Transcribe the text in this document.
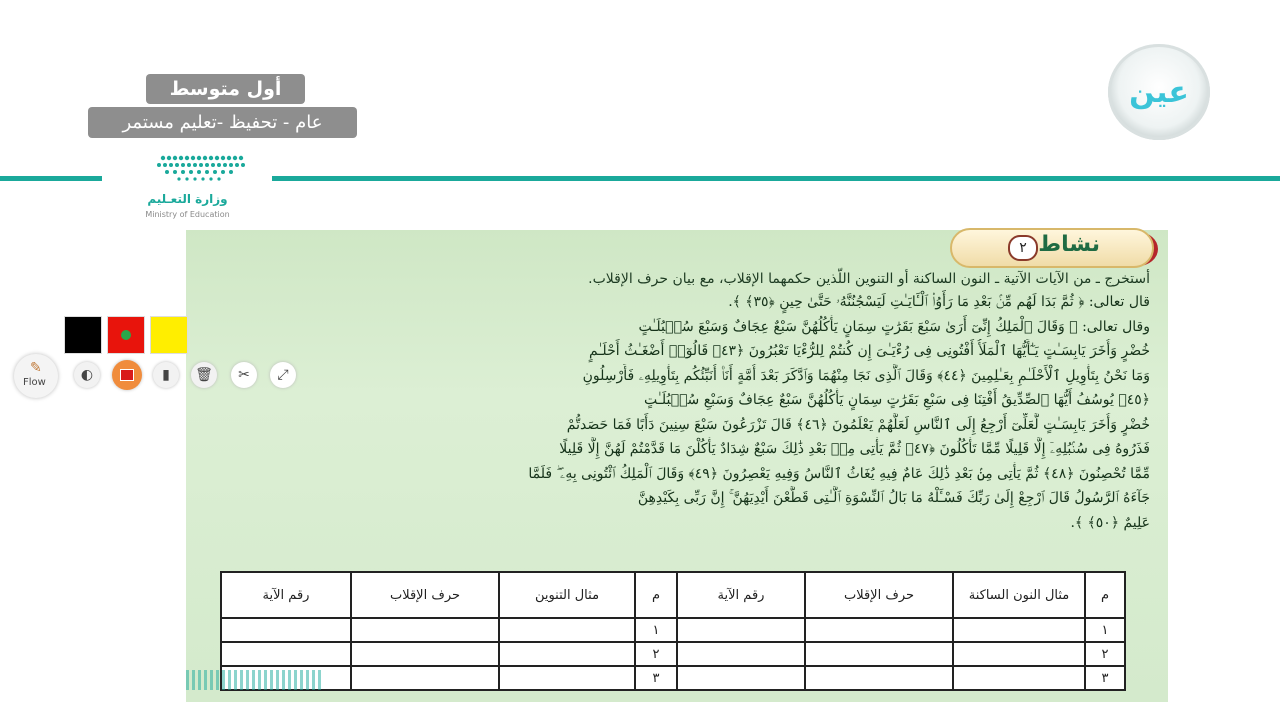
أول متوسط
عام - تحفيظ -تعليم مستمر
وزارة التعـليم
Ministry of Education
عين
نشاط
٢
أستخرج ـ من الآيات الآتية ـ النون الساكنة أو التنوين اللّذين حكمهما الإقلاب، مع بيان حرف الإقلاب.
قال تعالى: ﴿ ثُمَّ بَدَا لَهُم مِّنۢ بَعْدِ مَا رَأَوُا۟ ٱلْـَٔايَـٰتِ لَيَسْجُنُنَّهُۥ حَتَّىٰ حِينٍ ﴿٣٥﴾ ﴾.
وقال تعالى: ﴿ وَقَالَ ٱلْمَلِكُ إِنِّىٓ أَرَىٰ سَبْعَ بَقَرَٰتٍ سِمَانٍ يَأْكُلُهُنَّ سَبْعٌ عِجَافٌ وَسَبْعَ سُنۢبُلَـٰتٍ
خُضْرٍ وَأُخَرَ يَابِسَـٰتٍ يَـٰٓأَيُّهَا ٱلْمَلَأُ أَفْتُونِى فِى رُءْيَـٰىَ إِن كُنتُمْ لِلرُّءْيَا تَعْبُرُونَ ﴿٤٣﴾ قَالُوٓا۟ أَضْغَـٰثُ أَحْلَـٰمٍ
وَمَا نَحْنُ بِتَأْوِيلِ ٱلْأَحْلَـٰمِ بِعَـٰلِمِينَ ﴿٤٤﴾ وَقَالَ ٱلَّذِى نَجَا مِنْهُمَا وَٱدَّكَرَ بَعْدَ أُمَّةٍ أَنَا۠ أُنَبِّئُكُم بِتَأْوِيلِهِۦ فَأَرْسِلُونِ
﴿٤٥﴾ يُوسُفُ أَيُّهَا ٱلصِّدِّيقُ أَفْتِنَا فِى سَبْعِ بَقَرَٰتٍ سِمَانٍ يَأْكُلُهُنَّ سَبْعٌ عِجَافٌ وَسَبْعِ سُنۢبُلَـٰتٍ
خُضْرٍ وَأُخَرَ يَابِسَـٰتٍ لَّعَلِّىٓ أَرْجِعُ إِلَى ٱلنَّاسِ لَعَلَّهُمْ يَعْلَمُونَ ﴿٤٦﴾ قَالَ تَزْرَعُونَ سَبْعَ سِنِينَ دَأَبًا فَمَا حَصَدتُّمْ
فَذَرُوهُ فِى سُنۢبُلِهِۦٓ إِلَّا قَلِيلًا مِّمَّا تَأْكُلُونَ ﴿٤٧﴾ ثُمَّ يَأْتِى مِنۢ بَعْدِ ذَٰلِكَ سَبْعٌ شِدَادٌ يَأْكُلْنَ مَا قَدَّمْتُمْ لَهُنَّ إِلَّا قَلِيلًا
مِّمَّا تُحْصِنُونَ ﴿٤٨﴾ ثُمَّ يَأْتِى مِنۢ بَعْدِ ذَٰلِكَ عَامٌ فِيهِ يُغَاثُ ٱلنَّاسُ وَفِيهِ يَعْصِرُونَ ﴿٤٩﴾ وَقَالَ ٱلْمَلِكُ ٱئْتُونِى بِهِۦ ۖ فَلَمَّا
جَآءَهُ ٱلرَّسُولُ قَالَ ٱرْجِعْ إِلَىٰ رَبِّكَ فَسْـَٔلْهُ مَا بَالُ ٱلنِّسْوَةِ ٱلَّـٰتِى قَطَّعْنَ أَيْدِيَهُنَّ ۚ إِنَّ رَبِّى بِكَيْدِهِنَّ
عَلِيمٌ ﴿٥٠﴾ ﴾.
م	مثال النون الساكنة	حرف الإقلاب	رقم الآية	م	مثال التنوين	حرف الإقلاب	رقم الآية
١				١			
٢				٢			
٣				٣			
✎
Flow	◐	▮	🗑	✂	⤢
